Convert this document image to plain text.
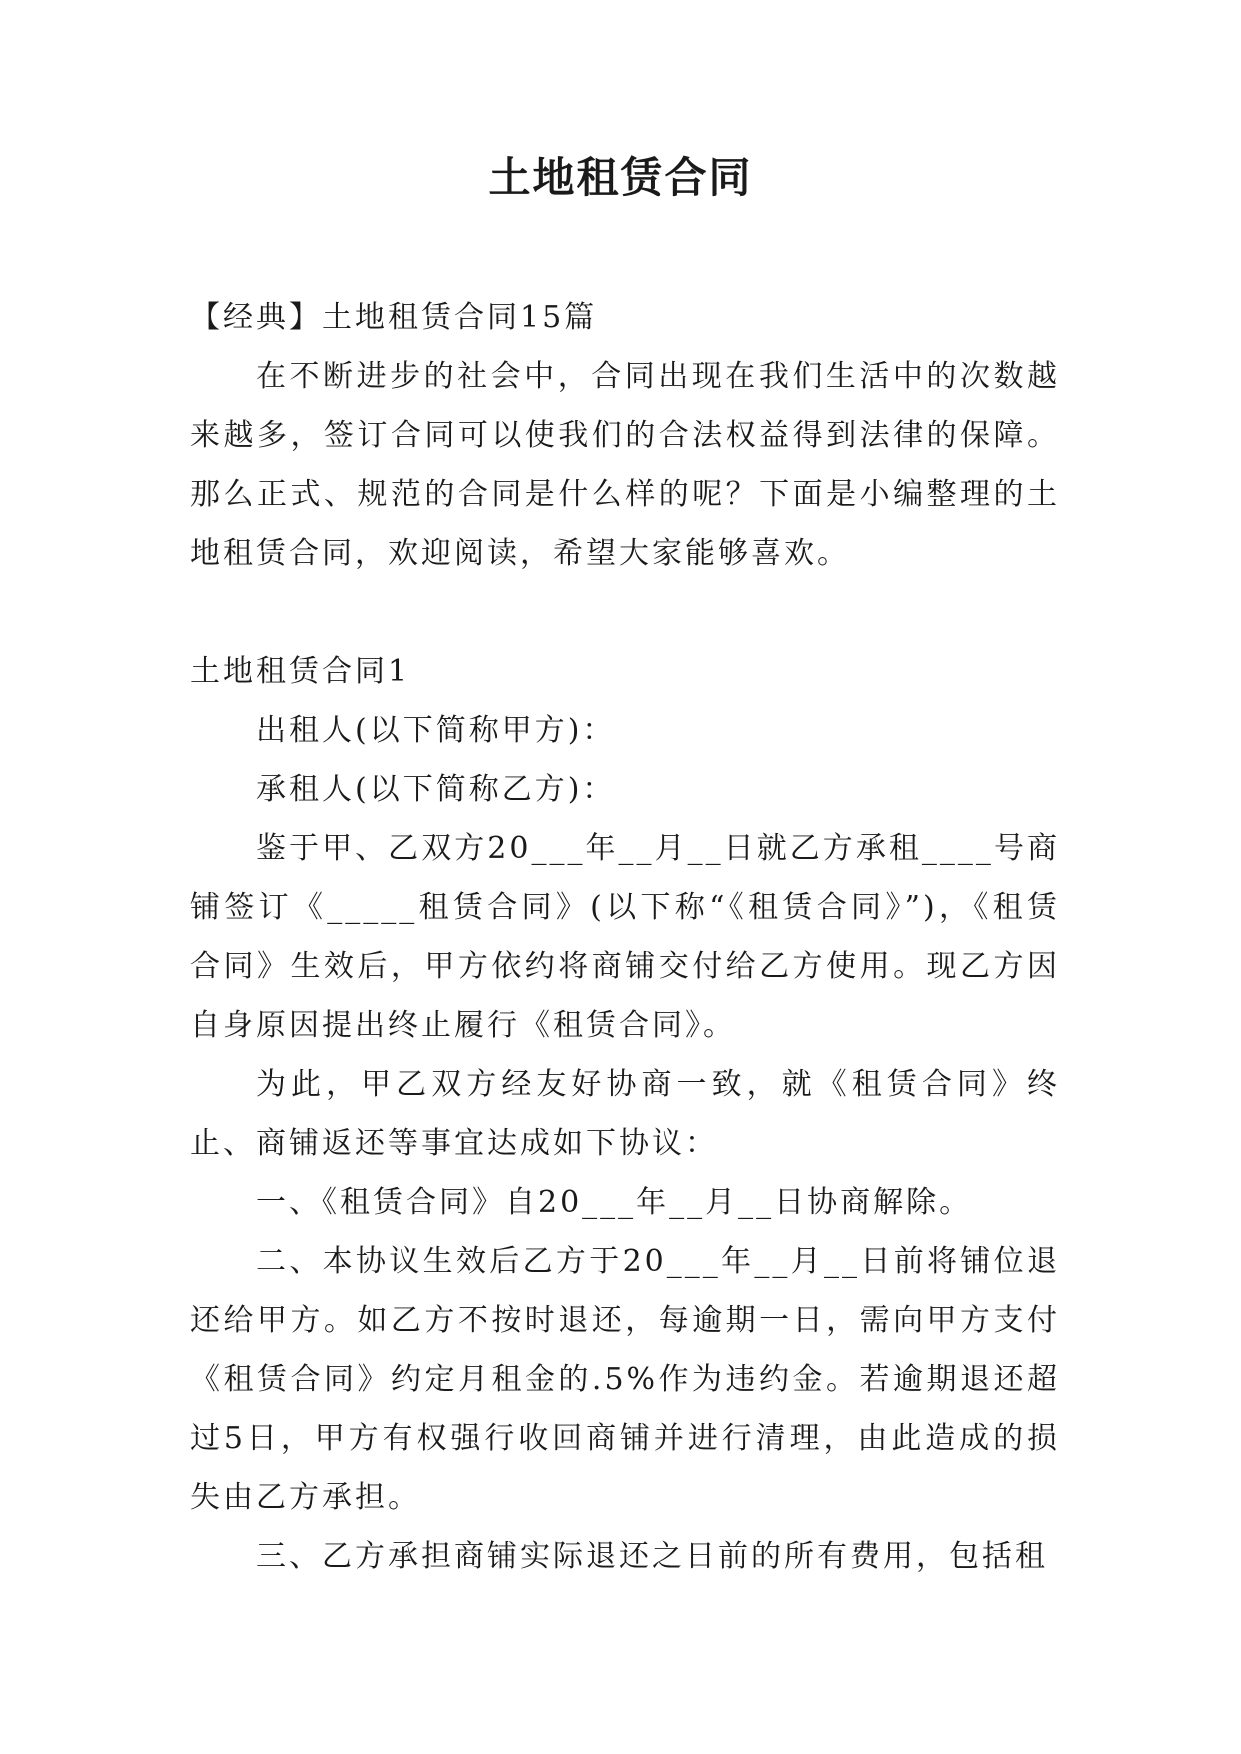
土地租赁合同

【经典】土地租赁合同15篇

在不断进步的社会中，合同出现在我们生活中的次数越来越多，签订合同可以使我们的合法权益得到法律的保障。那么正式、规范的合同是什么样的呢？下面是小编整理的土地租赁合同，欢迎阅读，希望大家能够喜欢。

土地租赁合同1

出租人(以下简称甲方)：

承租人(以下简称乙方)：

鉴于甲、乙双方20___年__月__日就乙方承租____号商铺签订《_____租赁合同》(以下称“《租赁合同》”)，《租赁合同》生效后，甲方依约将商铺交付给乙方使用。现乙方因自身原因提出终止履行《租赁合同》。

为此，甲乙双方经友好协商一致，就《租赁合同》终止、商铺返还等事宜达成如下协议：

一、《租赁合同》自20___年__月__日协商解除。

二、本协议生效后乙方于20___年__月__日前将铺位退还给甲方。如乙方不按时退还，每逾期一日，需向甲方支付《租赁合同》约定月租金的.5%作为违约金。若逾期退还超过5日，甲方有权强行收回商铺并进行清理，由此造成的损失由乙方承担。

三、乙方承担商铺实际退还之日前的所有费用，包括租
